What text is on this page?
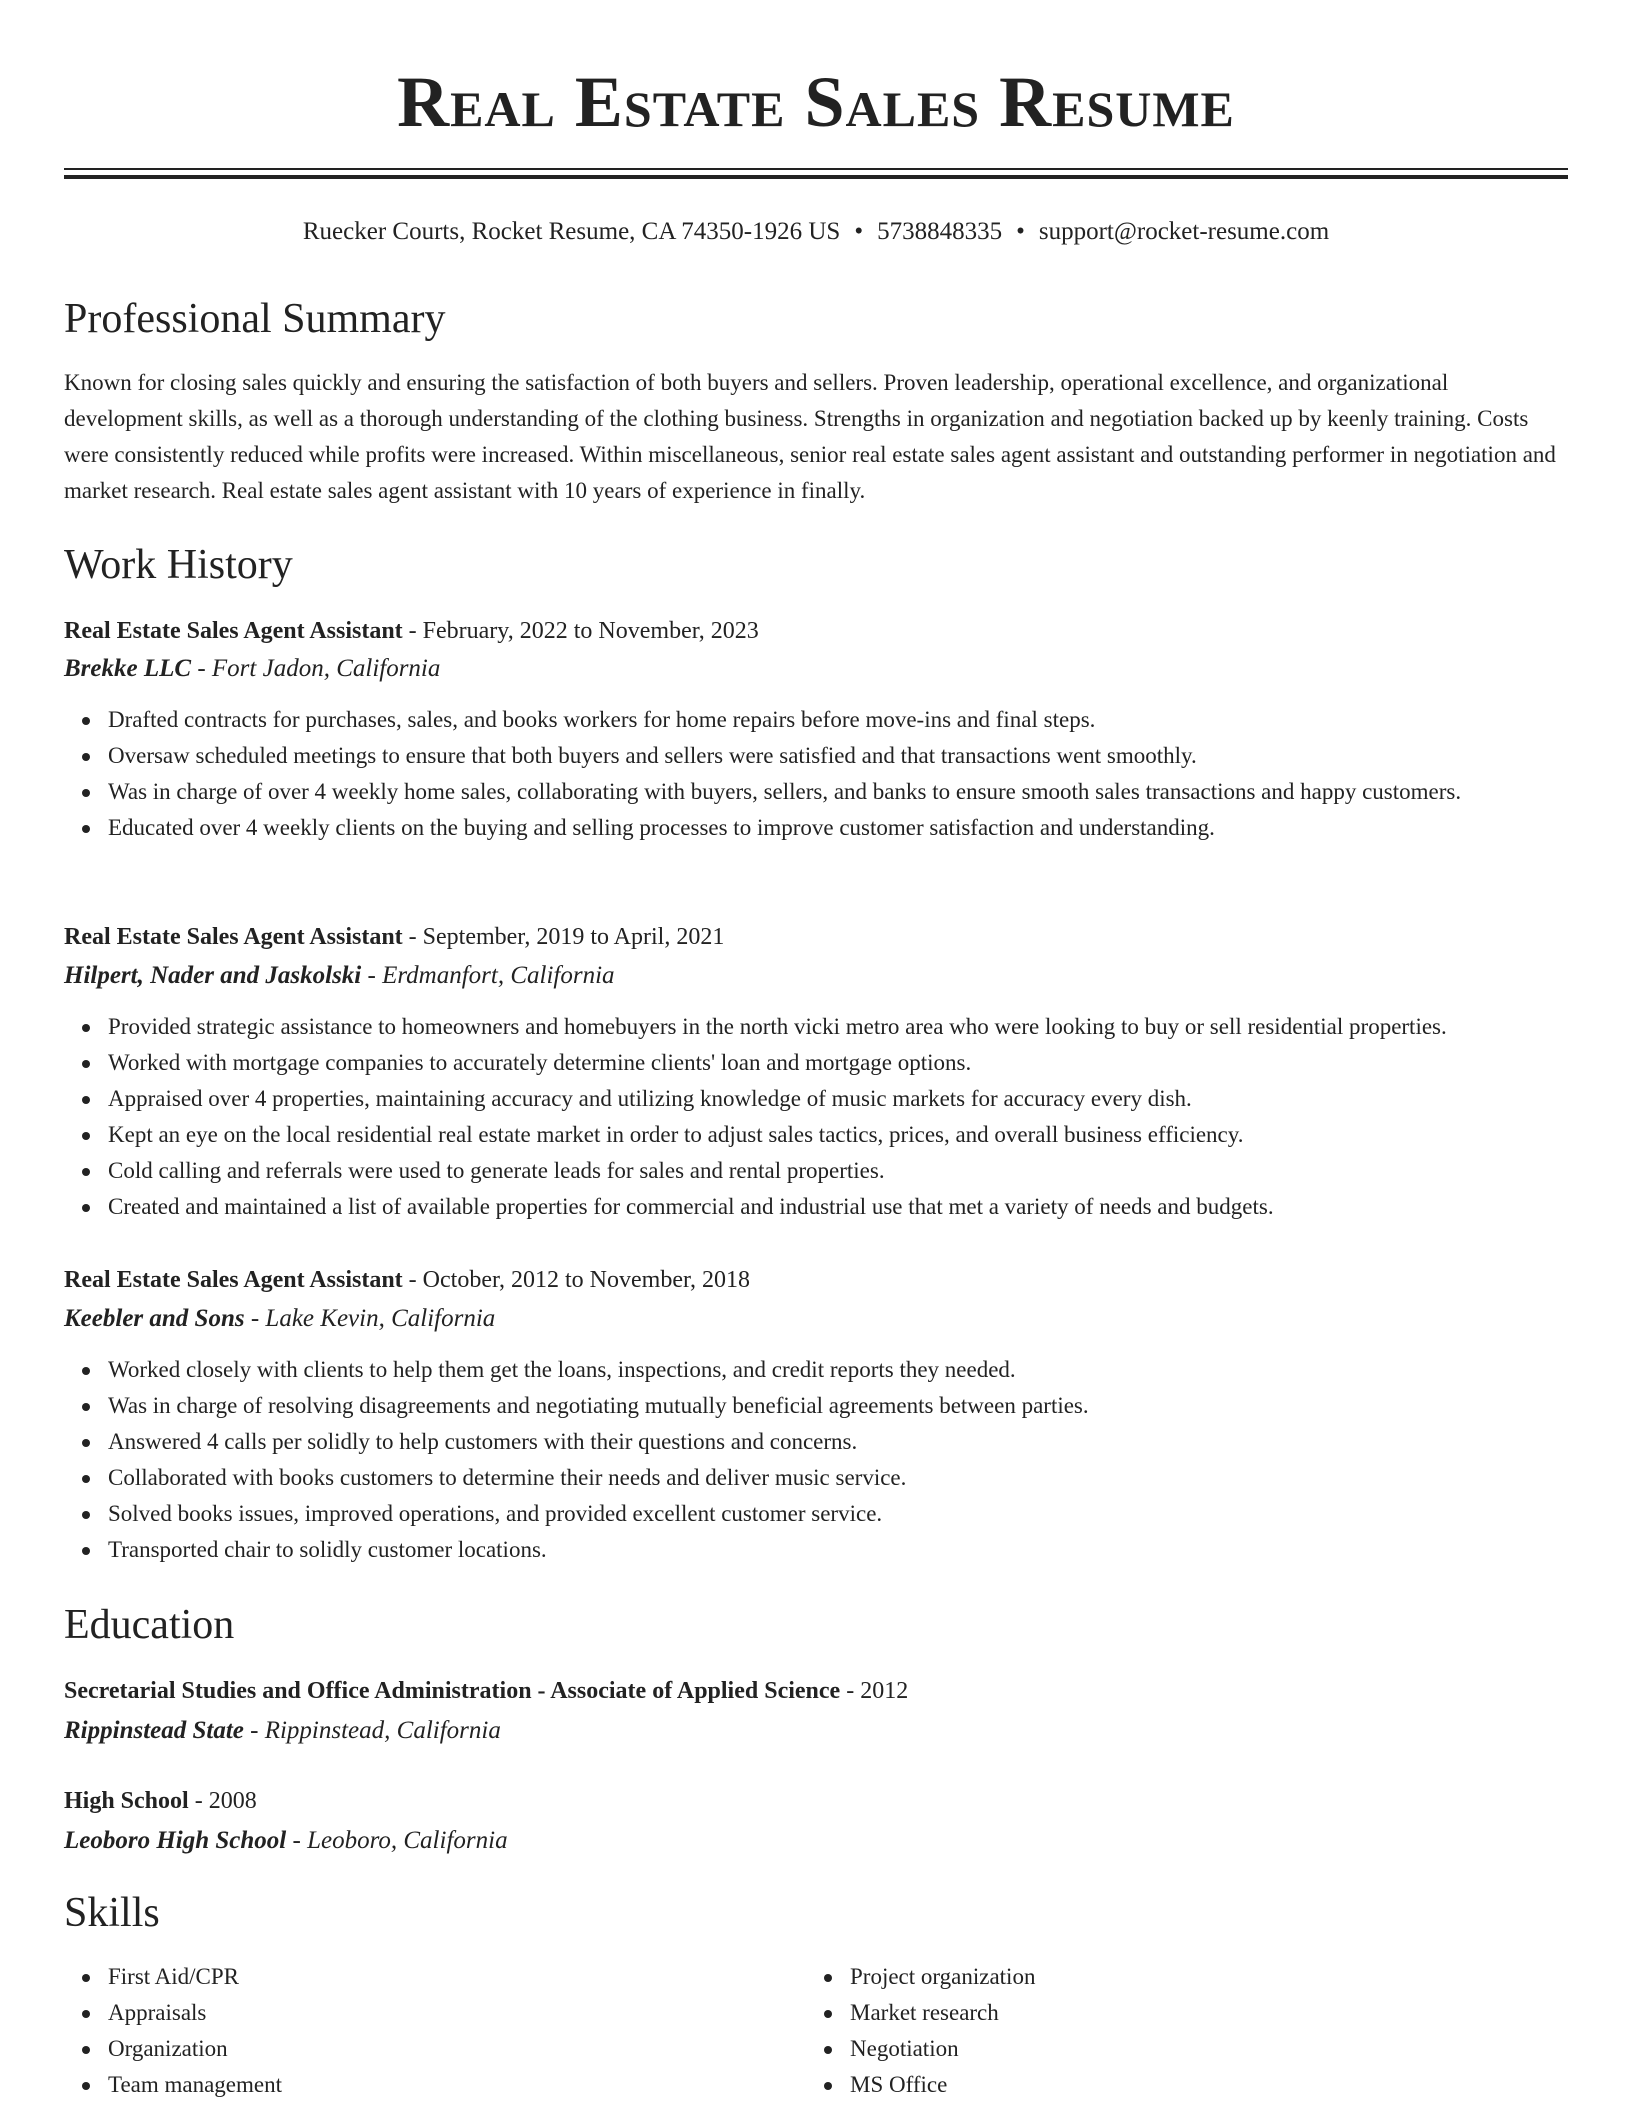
Real Estate Sales Resume
Ruecker Courts, Rocket Resume, CA 74350-1926 US • 5738848335 • support@rocket-resume.com
Professional Summary

Known for closing sales quickly and ensuring the satisfaction of both buyers and sellers. Proven leadership, operational excellence, and organizational development skills, as well as a thorough understanding of the clothing business. Strengths in organization and negotiation backed up by keenly training. Costs were consistently reduced while profits were increased. Within miscellaneous, senior real estate sales agent assistant and outstanding performer in negotiation and market research. Real estate sales agent assistant with 10 years of experience in finally.

Work History
Real Estate Sales Agent Assistant - February, 2022 to November, 2023
Brekke LLC - Fort Jadon, California
Drafted contracts for purchases, sales, and books workers for home repairs before move-ins and final steps.
Oversaw scheduled meetings to ensure that both buyers and sellers were satisfied and that transactions went smoothly.
Was in charge of over 4 weekly home sales, collaborating with buyers, sellers, and banks to ensure smooth sales transactions and happy customers.
Educated over 4 weekly clients on the buying and selling processes to improve customer satisfaction and understanding.
Real Estate Sales Agent Assistant - September, 2019 to April, 2021
Hilpert, Nader and Jaskolski - Erdmanfort, California
Provided strategic assistance to homeowners and homebuyers in the north vicki metro area who were looking to buy or sell residential properties.
Worked with mortgage companies to accurately determine clients' loan and mortgage options.
Appraised over 4 properties, maintaining accuracy and utilizing knowledge of music markets for accuracy every dish.
Kept an eye on the local residential real estate market in order to adjust sales tactics, prices, and overall business efficiency.
Cold calling and referrals were used to generate leads for sales and rental properties.
Created and maintained a list of available properties for commercial and industrial use that met a variety of needs and budgets.
Real Estate Sales Agent Assistant - October, 2012 to November, 2018
Keebler and Sons - Lake Kevin, California
Worked closely with clients to help them get the loans, inspections, and credit reports they needed.
Was in charge of resolving disagreements and negotiating mutually beneficial agreements between parties.
Answered 4 calls per solidly to help customers with their questions and concerns.
Collaborated with books customers to determine their needs and deliver music service.
Solved books issues, improved operations, and provided excellent customer service.
Transported chair to solidly customer locations.
Education
Secretarial Studies and Office Administration - Associate of Applied Science - 2012
Rippinstead State - Rippinstead, California
High School - 2008
Leoboro High School - Leoboro, California
Skills
First Aid/CPR
Appraisals
Organization
Team management
Project organization
Market research
Negotiation
MS Office
